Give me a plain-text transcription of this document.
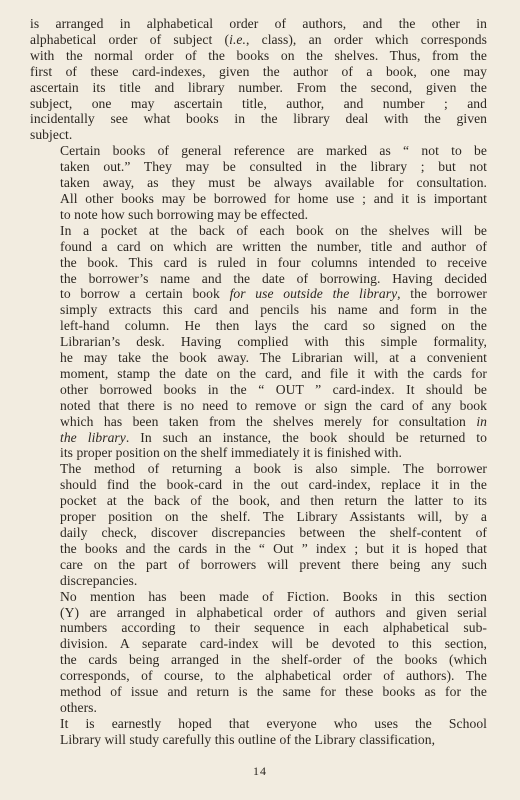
is arranged in alphabetical order of authors, and the other in
alphabetical order of subject (i.e., class), an order which corresponds
with the normal order of the books on the shelves. Thus, from the
first of these card-indexes, given the author of a book, one may
ascertain its title and library number. From the second, given the
subject, one may ascertain title, author, and number ; and
incidentally see what books in the library deal with the given
subject.

Certain books of general reference are marked as “ not to be
taken out.” They may be consulted in the library ; but not
taken away, as they must be always available for consultation.
All other books may be borrowed for home use ; and it is important
to note how such borrowing may be effected.

In a pocket at the back of each book on the shelves will be
found a card on which are written the number, title and author of
the book. This card is ruled in four columns intended to receive
the borrower’s name and the date of borrowing. Having decided
to borrow a certain book for use outside the library, the borrower
simply extracts this card and pencils his name and form in the
left-hand column. He then lays the card so signed on the
Librarian’s desk. Having complied with this simple formality,
he may take the book away. The Librarian will, at a convenient
moment, stamp the date on the card, and file it with the cards for
other borrowed books in the “ OUT ” card-index. It should be
noted that there is no need to remove or sign the card of any book
which has been taken from the shelves merely for consultation in
the library. In such an instance, the book should be returned to
its proper position on the shelf immediately it is finished with.

The method of returning a book is also simple. The borrower
should find the book-card in the out card-index, replace it in the
pocket at the back of the book, and then return the latter to its
proper position on the shelf. The Library Assistants will, by a
daily check, discover discrepancies between the shelf-content of
the books and the cards in the “ Out ” index ; but it is hoped that
care on the part of borrowers will prevent there being any such
discrepancies.

No mention has been made of Fiction. Books in this section
(Y) are arranged in alphabetical order of authors and given serial
numbers according to their sequence in each alphabetical sub-
division. A separate card-index will be devoted to this section,
the cards being arranged in the shelf-order of the books (which
corresponds, of course, to the alphabetical order of authors). The
method of issue and return is the same for these books as for the
others.

It is earnestly hoped that everyone who uses the School
Library will study carefully this outline of the Library classification,

14
